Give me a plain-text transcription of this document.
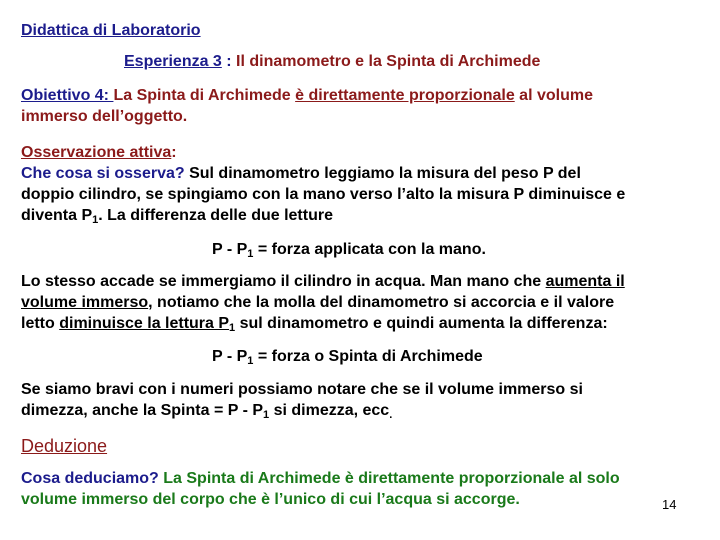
Didattica di Laboratorio
Esperienza 3 : Il dinamometro e la Spinta di Archimede
Obiettivo 4: La Spinta di Archimede è direttamente proporzionale al volume
immerso dell’oggetto.
Osservazione attiva:
Che cosa si osserva? Sul dinamometro leggiamo la misura del peso P del
doppio cilindro, se spingiamo con la mano verso l’alto la misura P diminuisce e
diventa $P_1$. La differenza delle due letture
P - $P_1$ = forza applicata con la mano.
Lo stesso accade se immergiamo il cilindro in acqua. Man mano che aumenta il
volume immerso, notiamo che la molla del dinamometro si accorcia e il valore
letto diminuisce la lettura $P_1$ sul dinamometro e quindi aumenta la differenza:
P - $P_1$ = forza o Spinta di Archimede
Se siamo bravi con i numeri possiamo notare che se il volume immerso si
dimezza, anche la Spinta = P - $P_1$ si dimezza, ecc$_.$
Deduzione
Cosa deduciamo? La Spinta di Archimede è direttamente proporzionale al solo
volume immerso del corpo che è l’unico di cui l’acqua si accorge.	14
